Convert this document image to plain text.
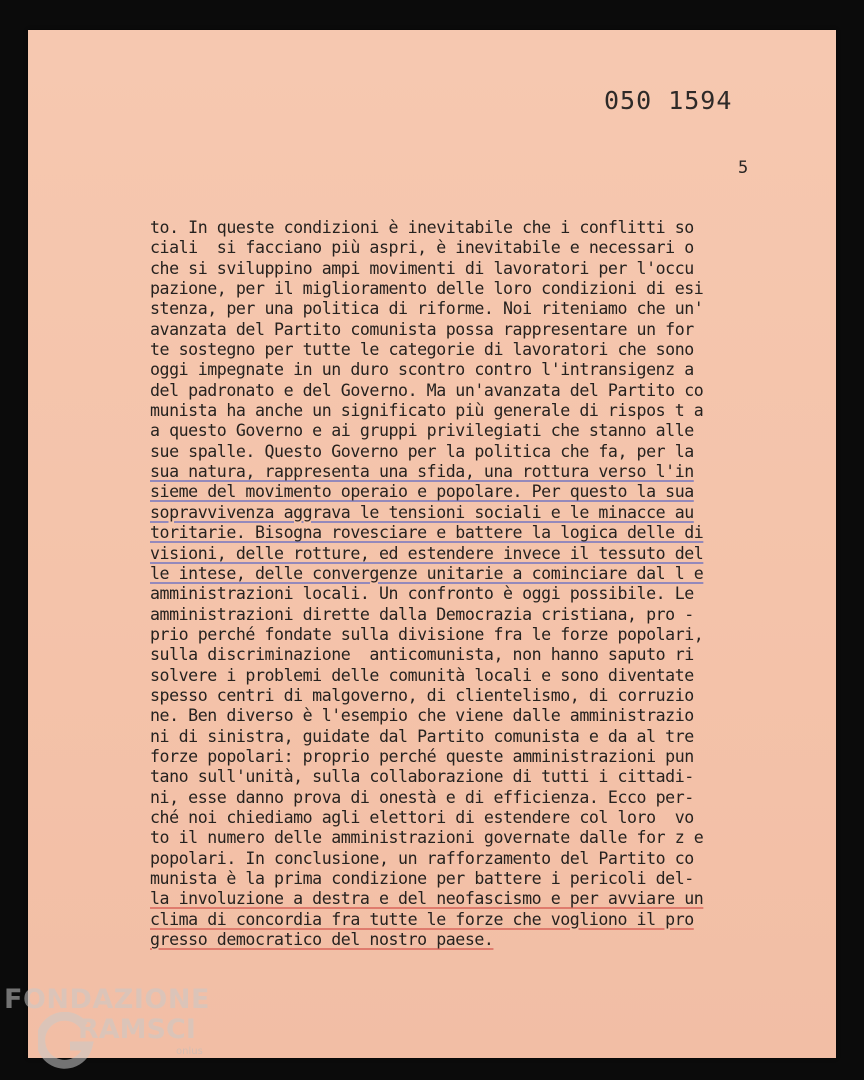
050 1594

5

to. In queste condizioni è inevitabile che i conflitti so
ciali  si facciano più aspri, è inevitabile e necessari o
che si sviluppino ampi movimenti di lavoratori per l'occu
pazione, per il miglioramento delle loro condizioni di esi
stenza, per una politica di riforme. Noi riteniamo che un'
avanzata del Partito comunista possa rappresentare un for
te sostegno per tutte le categorie di lavoratori che sono
oggi impegnate in un duro scontro contro l'intransigenz a
del padronato e del Governo. Ma un'avanzata del Partito co
munista ha anche un significato più generale di rispos t a
a questo Governo e ai gruppi privilegiati che stanno alle
sue spalle. Questo Governo per la politica che fa, per la
sua natura, rappresenta una sfida, una rottura verso l'in
sieme del movimento operaio e popolare. Per questo la sua
sopravvivenza aggrava le tensioni sociali e le minacce au
toritarie. Bisogna rovesciare e battere la logica delle di
visioni, delle rotture, ed estendere invece il tessuto del
le intese, delle convergenze unitarie a cominciare dal l e
amministrazioni locali. Un confronto è oggi possibile. Le
amministrazioni dirette dalla Democrazia cristiana, pro -
prio perché fondate sulla divisione fra le forze popolari,
sulla discriminazione  anticomunista, non hanno saputo ri
solvere i problemi delle comunità locali e sono diventate
spesso centri di malgoverno, di clientelismo, di corruzio
ne. Ben diverso è l'esempio che viene dalle amministrazio
ni di sinistra, guidate dal Partito comunista e da al tre
forze popolari: proprio perché queste amministrazioni pun
tano sull'unità, sulla collaborazione di tutti i cittadi-
ni, esse danno prova di onestà e di efficienza. Ecco per-
ché noi chiediamo agli elettori di estendere col loro  vo
to il numero delle amministrazioni governate dalle for z e
popolari. In conclusione, un rafforzamento del Partito co
munista è la prima condizione per battere i pericoli del-
la involuzione a destra e del neofascismo e per avviare un
clima di concordia fra tutte le forze che vogliono il pro
gresso democratico del nostro paese.

FONDAZIONE

RAMSCI

onlus
